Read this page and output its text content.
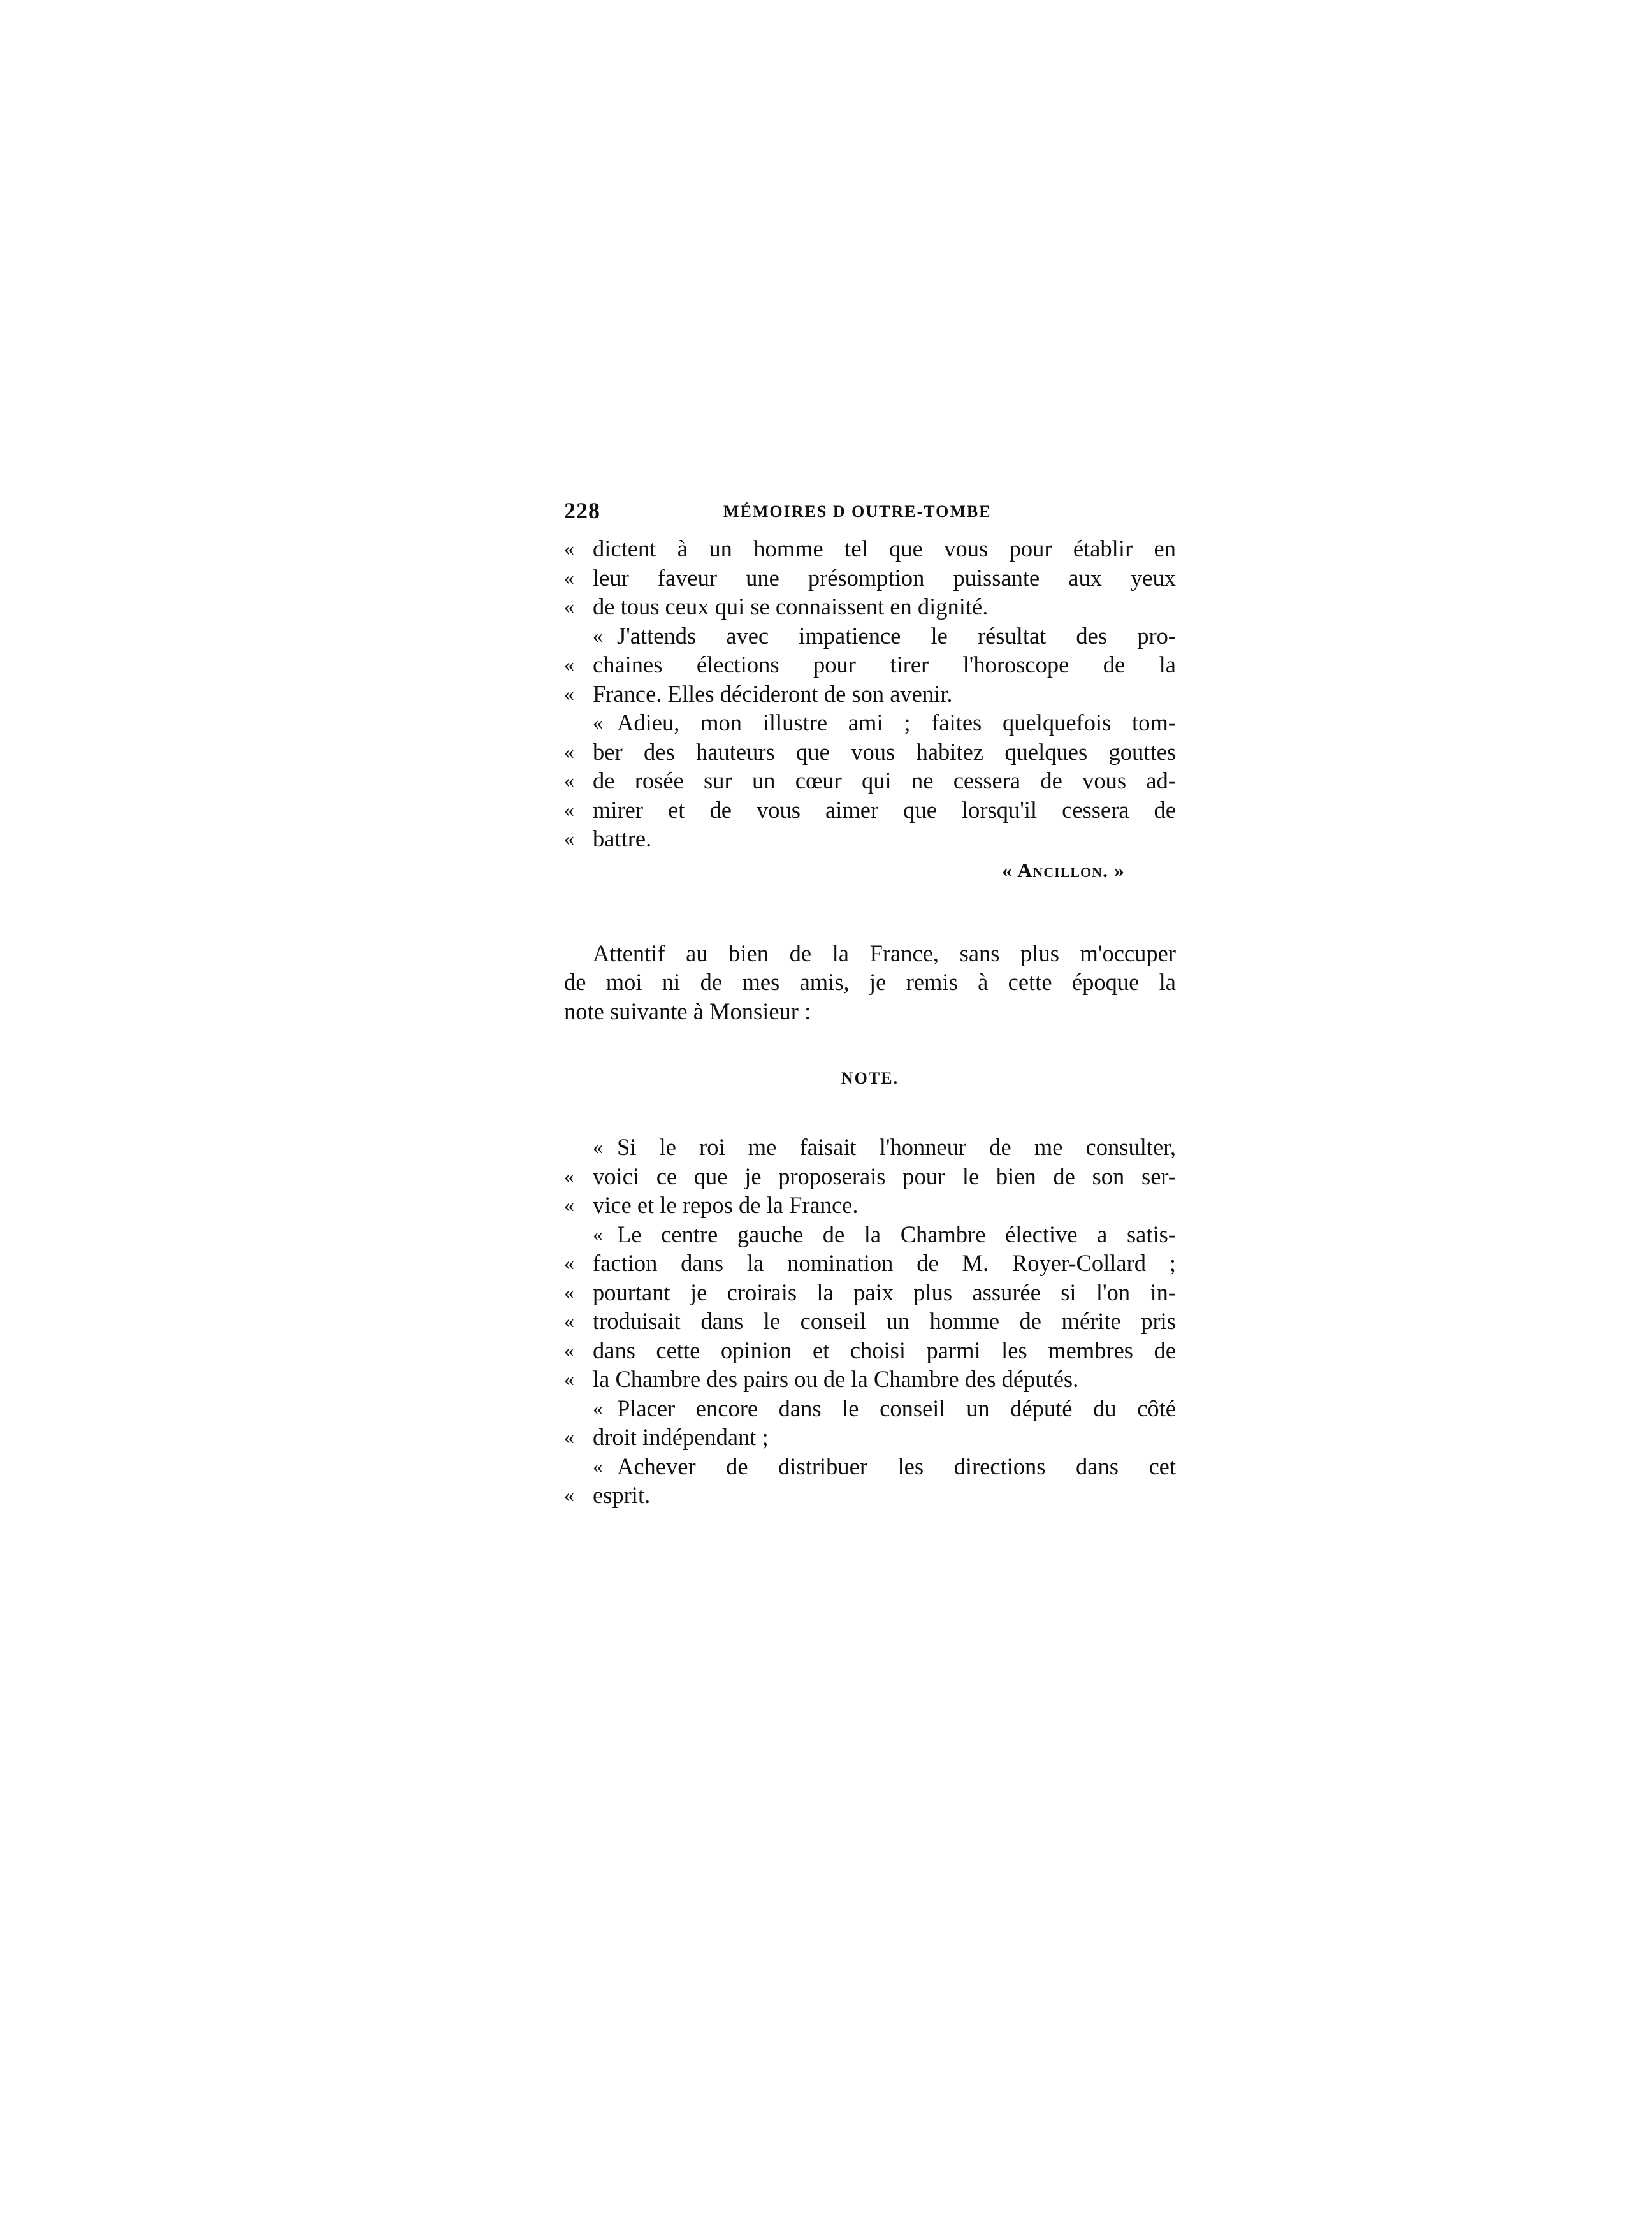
228	MÉMOIRES D OUTRE-TOMBE
« dictent à un homme tel que vous pour établir en
« leur faveur une présomption puissante aux yeux
« de tous ceux qui se connaissent en dignité.
« J'attends avec impatience le résultat des pro-
« chaines élections pour tirer l'horoscope de la
« France. Elles décideront de son avenir.
« Adieu, mon illustre ami ; faites quelquefois tom-
« ber des hauteurs que vous habitez quelques gouttes
« de rosée sur un cœur qui ne cessera de vous ad-
« mirer et de vous aimer que lorsqu'il cessera de
« battre.
« Ancillon. »
Attentif au bien de la France, sans plus m'occuper
de moi ni de mes amis, je remis à cette époque la
note suivante à Monsieur :
NOTE.
« Si le roi me faisait l'honneur de me consulter,
« voici ce que je proposerais pour le bien de son ser-
« vice et le repos de la France.
« Le centre gauche de la Chambre élective a satis-
« faction dans la nomination de M. Royer-Collard ;
« pourtant je croirais la paix plus assurée si l'on in-
« troduisait dans le conseil un homme de mérite pris
« dans cette opinion et choisi parmi les membres de
« la Chambre des pairs ou de la Chambre des députés.
« Placer encore dans le conseil un député du côté
« droit indépendant ;
« Achever de distribuer les directions dans cet
« esprit.
